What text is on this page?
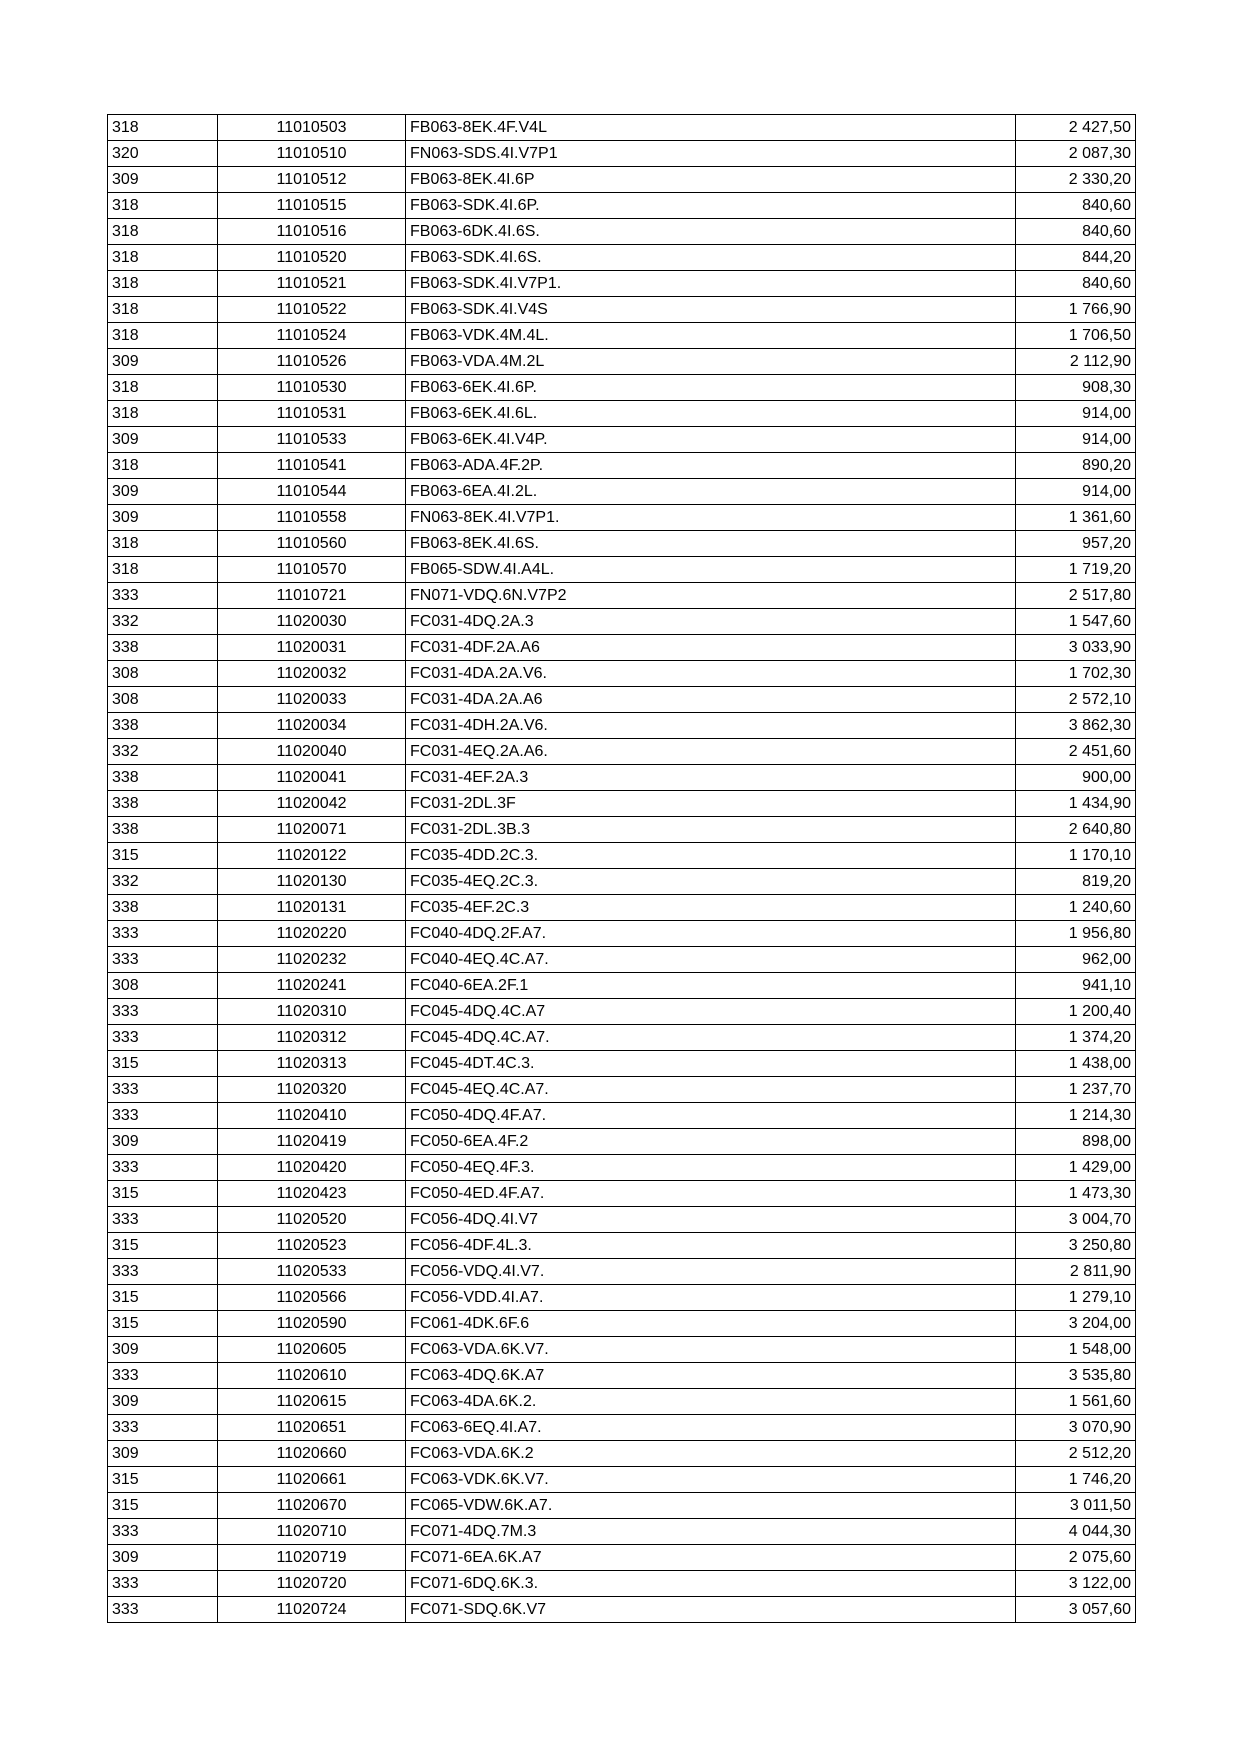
318	11010503	FB063-8EK.4F.V4L	2 427,50
320	11010510	FN063-SDS.4I.V7P1	2 087,30
309	11010512	FB063-8EK.4I.6P	2 330,20
318	11010515	FB063-SDK.4I.6P.	840,60
318	11010516	FB063-6DK.4I.6S.	840,60
318	11010520	FB063-SDK.4I.6S.	844,20
318	11010521	FB063-SDK.4I.V7P1.	840,60
318	11010522	FB063-SDK.4I.V4S	1 766,90
318	11010524	FB063-VDK.4M.4L.	1 706,50
309	11010526	FB063-VDA.4M.2L	2 112,90
318	11010530	FB063-6EK.4I.6P.	908,30
318	11010531	FB063-6EK.4I.6L.	914,00
309	11010533	FB063-6EK.4I.V4P.	914,00
318	11010541	FB063-ADA.4F.2P.	890,20
309	11010544	FB063-6EA.4I.2L.	914,00
309	11010558	FN063-8EK.4I.V7P1.	1 361,60
318	11010560	FB063-8EK.4I.6S.	957,20
318	11010570	FB065-SDW.4I.A4L.	1 719,20
333	11010721	FN071-VDQ.6N.V7P2	2 517,80
332	11020030	FC031-4DQ.2A.3	1 547,60
338	11020031	FC031-4DF.2A.A6	3 033,90
308	11020032	FC031-4DA.2A.V6.	1 702,30
308	11020033	FC031-4DA.2A.A6	2 572,10
338	11020034	FC031-4DH.2A.V6.	3 862,30
332	11020040	FC031-4EQ.2A.A6.	2 451,60
338	11020041	FC031-4EF.2A.3	900,00
338	11020042	FC031-2DL.3F	1 434,90
338	11020071	FC031-2DL.3B.3	2 640,80
315	11020122	FC035-4DD.2C.3.	1 170,10
332	11020130	FC035-4EQ.2C.3.	819,20
338	11020131	FC035-4EF.2C.3	1 240,60
333	11020220	FC040-4DQ.2F.A7.	1 956,80
333	11020232	FC040-4EQ.4C.A7.	962,00
308	11020241	FC040-6EA.2F.1	941,10
333	11020310	FC045-4DQ.4C.A7	1 200,40
333	11020312	FC045-4DQ.4C.A7.	1 374,20
315	11020313	FC045-4DT.4C.3.	1 438,00
333	11020320	FC045-4EQ.4C.A7.	1 237,70
333	11020410	FC050-4DQ.4F.A7.	1 214,30
309	11020419	FC050-6EA.4F.2	898,00
333	11020420	FC050-4EQ.4F.3.	1 429,00
315	11020423	FC050-4ED.4F.A7.	1 473,30
333	11020520	FC056-4DQ.4I.V7	3 004,70
315	11020523	FC056-4DF.4L.3.	3 250,80
333	11020533	FC056-VDQ.4I.V7.	2 811,90
315	11020566	FC056-VDD.4I.A7.	1 279,10
315	11020590	FC061-4DK.6F.6	3 204,00
309	11020605	FC063-VDA.6K.V7.	1 548,00
333	11020610	FC063-4DQ.6K.A7	3 535,80
309	11020615	FC063-4DA.6K.2.	1 561,60
333	11020651	FC063-6EQ.4I.A7.	3 070,90
309	11020660	FC063-VDA.6K.2	2 512,20
315	11020661	FC063-VDK.6K.V7.	1 746,20
315	11020670	FC065-VDW.6K.A7.	3 011,50
333	11020710	FC071-4DQ.7M.3	4 044,30
309	11020719	FC071-6EA.6K.A7	2 075,60
333	11020720	FC071-6DQ.6K.3.	3 122,00
333	11020724	FC071-SDQ.6K.V7	3 057,60
